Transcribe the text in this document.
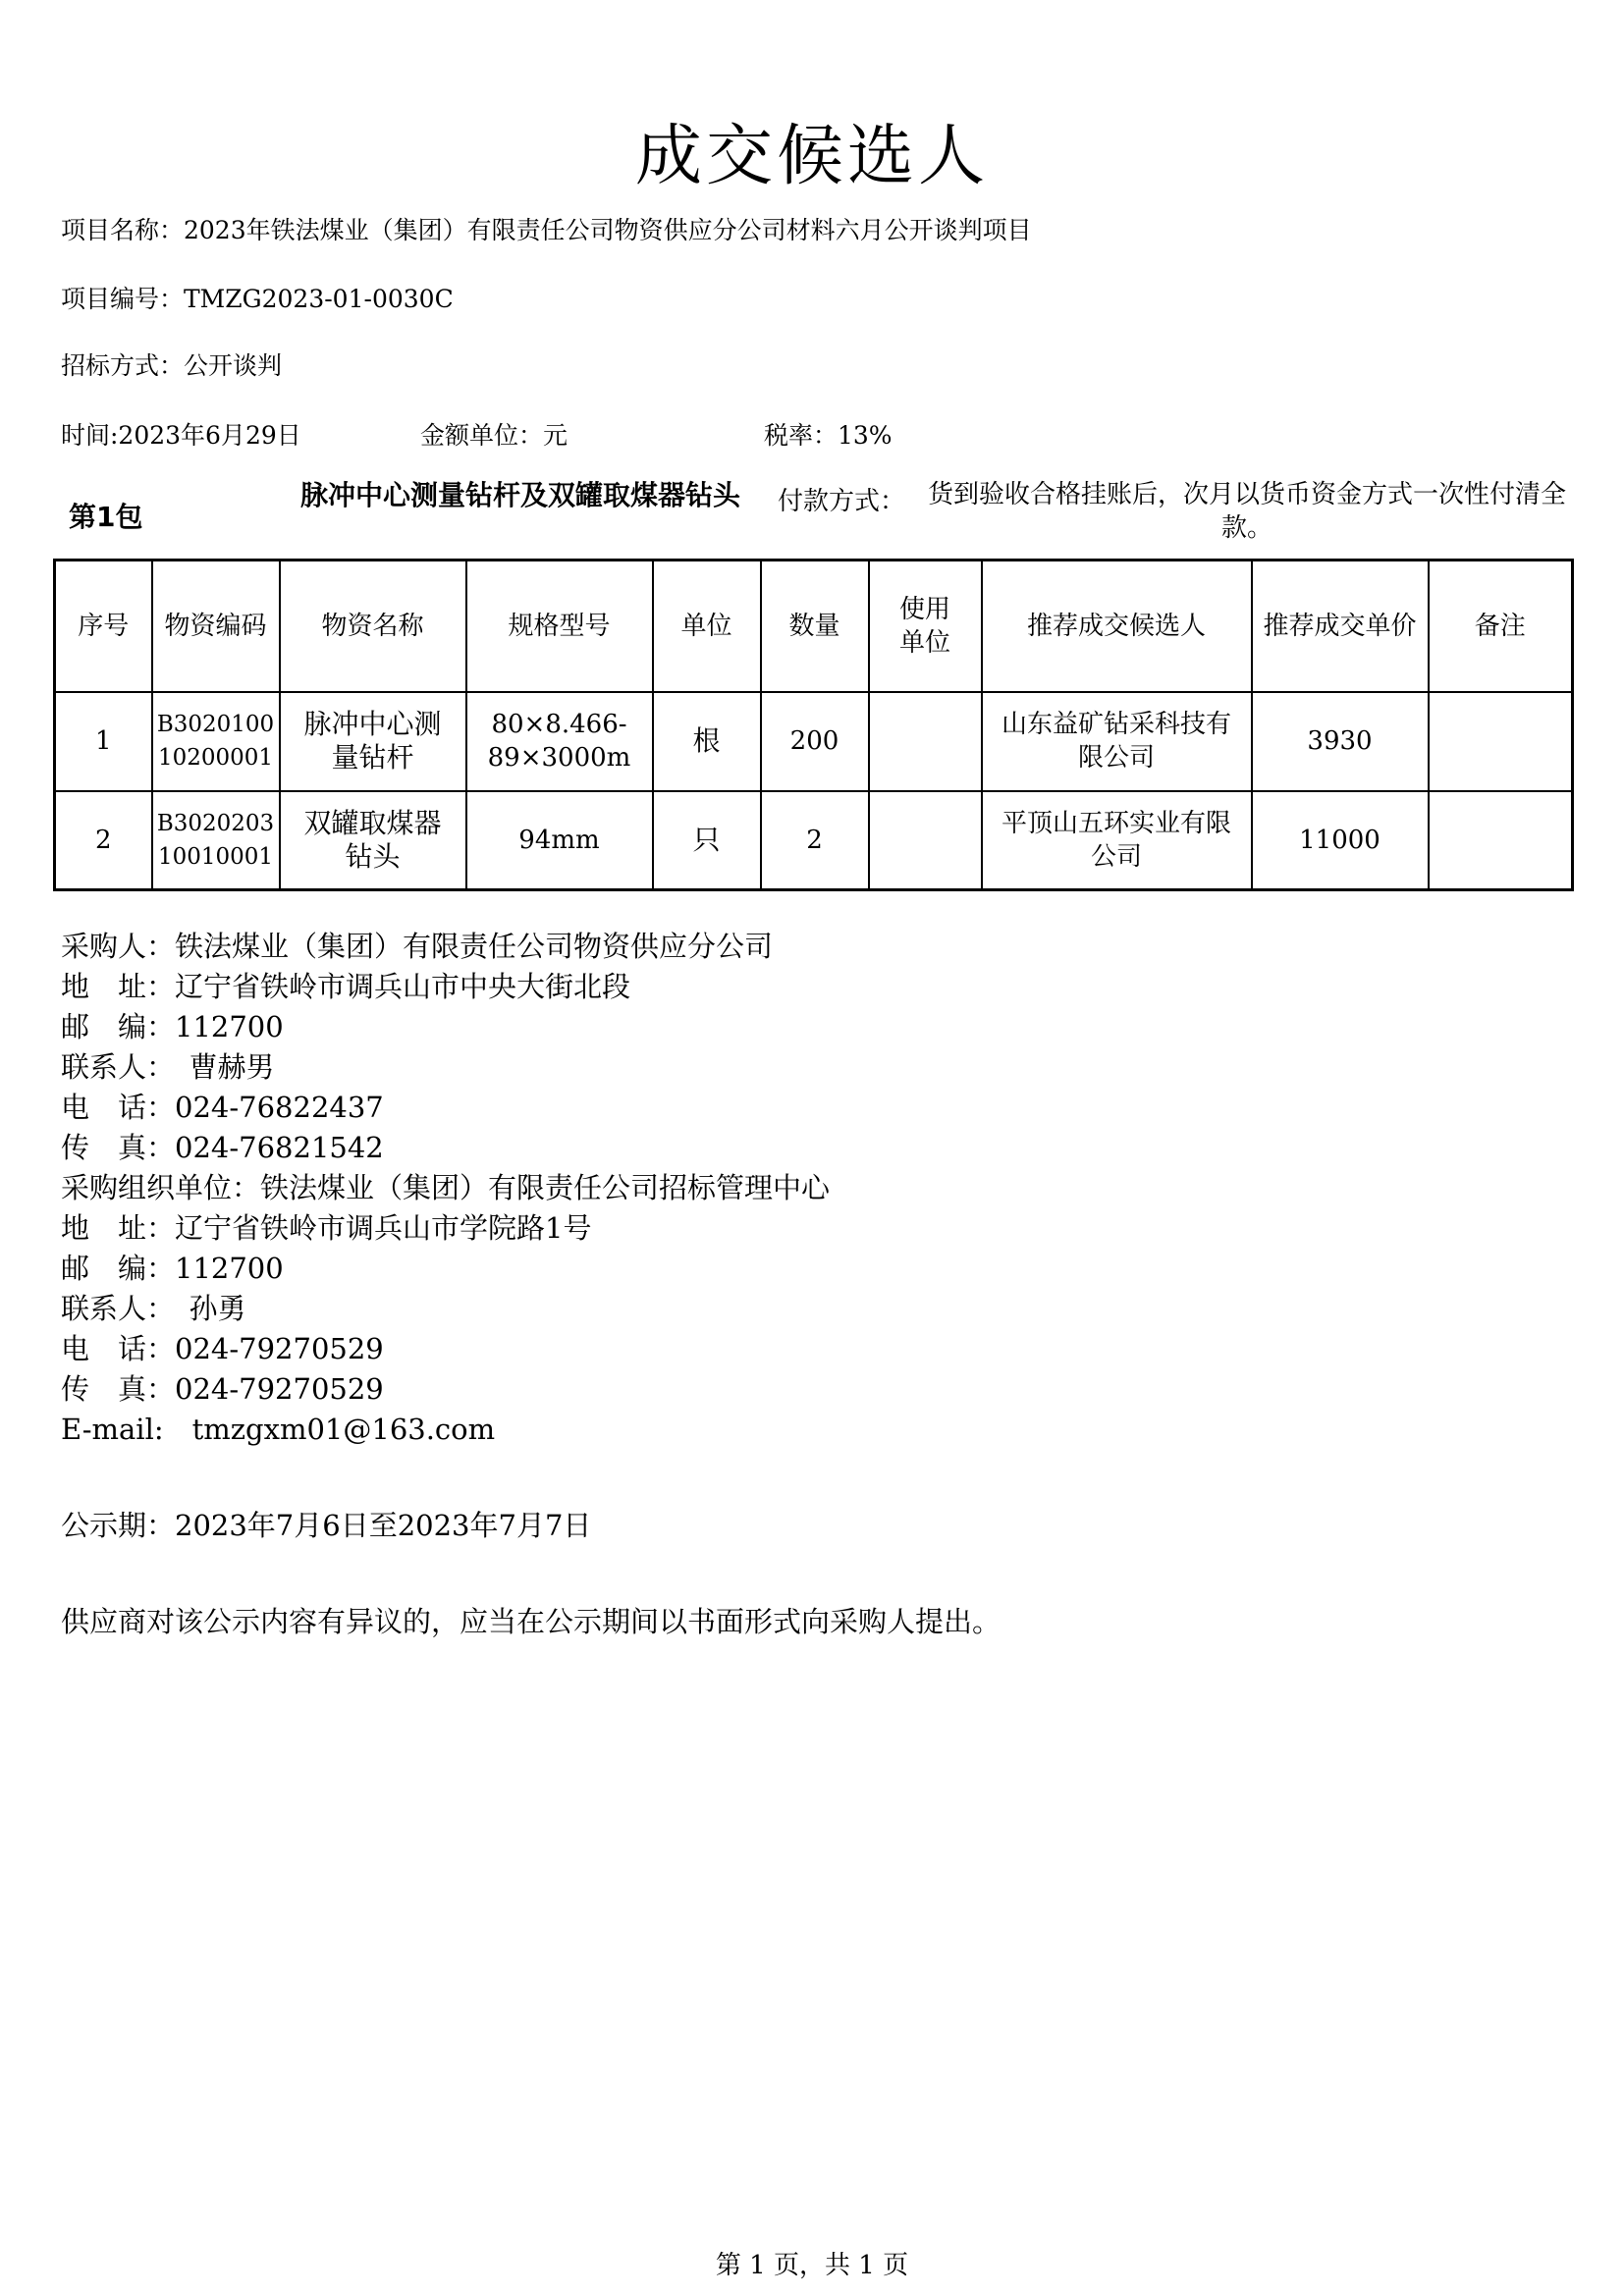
成交候选人
项目名称：2023年铁法煤业（集团）有限责任公司物资供应分公司材料六月公开谈判项目
项目编号：TMZG2023-01-0030C
招标方式：公开谈判
时间:2023年6月29日	金额单位：元	税率：13%
第1包
脉冲中心测量钻杆及双罐取煤器钻头	付款方式： 货到验收合格挂账后，次月以货币资金方式一次性付清全款。
序号	物资编码	物资名称	规格型号	单位	数量	使用单位	推荐成交候选人	推荐成交单价	备注
1	B302010010200001	脉冲中心测量钻杆	80×8.466-89×3000m	根	200		山东益矿钻采科技有限公司	3930	
2	B302020310010001	双罐取煤器钻头	94mm	只	2		平顶山五环实业有限公司	11000	
采购人：铁法煤业（集团）有限责任公司物资供应分公司
地　址：辽宁省铁岭市调兵山市中央大街北段
邮　编：112700
联系人：　曹赫男
电　话：024-76822437
传　真：024-76821542
采购组织单位：铁法煤业（集团）有限责任公司招标管理中心
地　址：辽宁省铁岭市调兵山市学院路1号
邮　编：112700
联系人：　孙勇
电　话：024-79270529
传　真：024-79270529
E-mail:　tmzgxm01@163.com
公示期：2023年7月6日至2023年7月7日
供应商对该公示内容有异议的，应当在公示期间以书面形式向采购人提出。
第 1 页，共 1 页
